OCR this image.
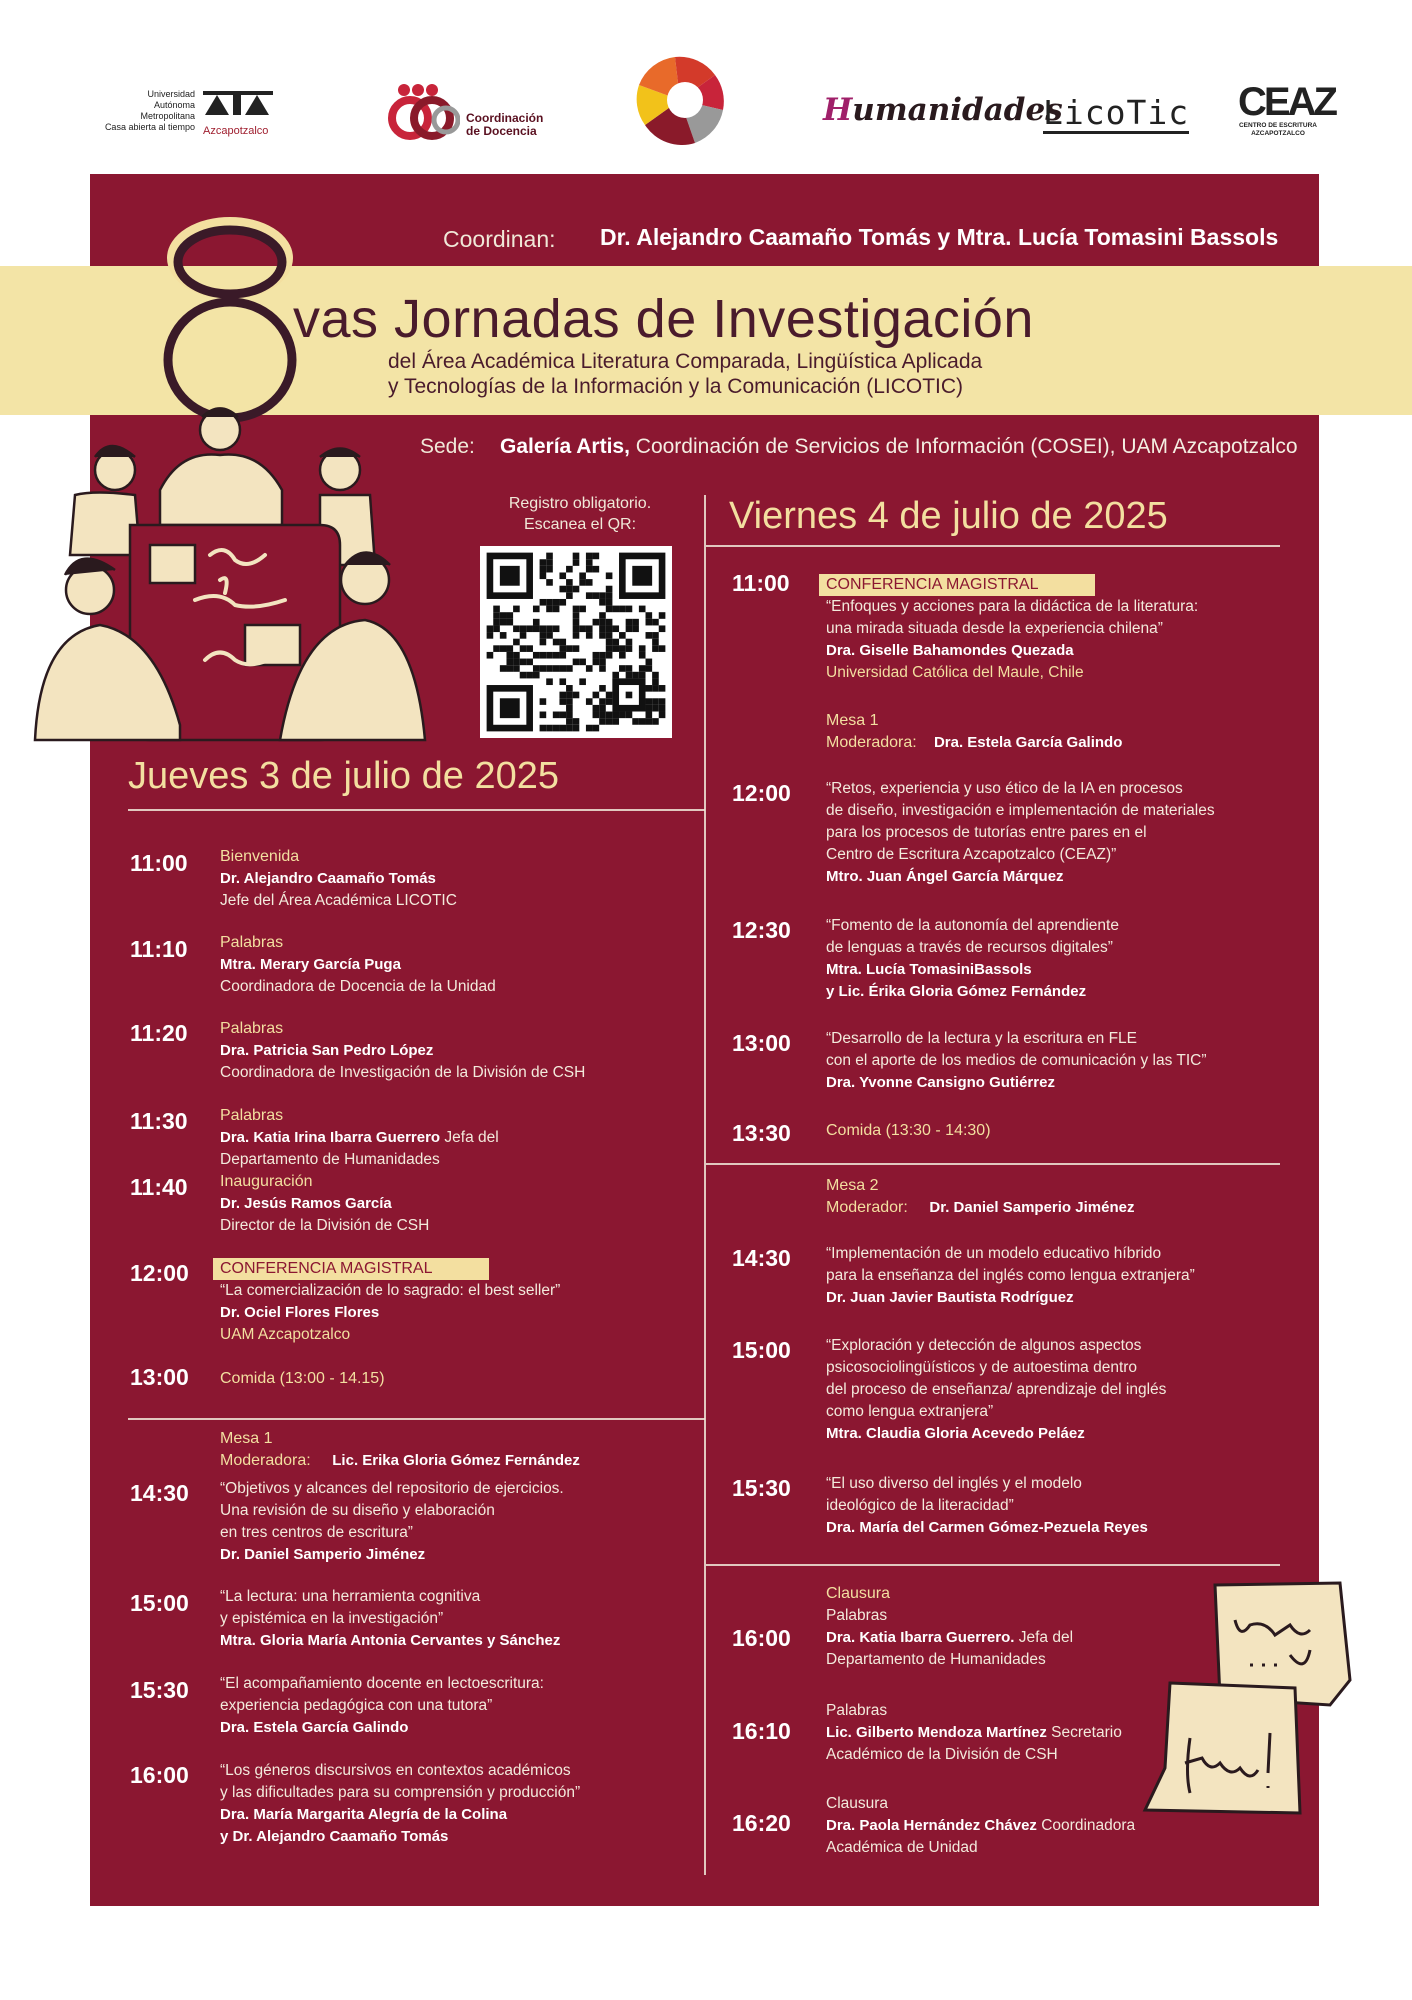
Universidad
Autónoma
Metropolitana
Casa abierta al tiempo Azcapotzalco
Coordinación
de Docencia
Humanidades
LicoTic CEAZ
CENTRO DE ESCRITURA
AZCAPOTZALCO
Coordinan: Dr. Alejandro Caamaño Tomás y Mtra. Lucía Tomasini Bassols
vas Jornadas de Investigación
del Área Académica Literatura Comparada, Lingüística Aplicada
y Tecnologías de la Información y la Comunicación (LICOTIC)
Sede: Galería Artis, Coordinación de Servicios de Información (COSEI), UAM Azcapotzalco
Registro obligatorio.
Escanea el QR:
Jueves 3 de julio de 2025
11:00 Bienvenida
Dr. Alejandro Caamaño Tomás
Jefe del Área Académica LICOTIC
11:10 Palabras
Mtra. Merary García Puga
Coordinadora de Docencia de la Unidad
11:20 Palabras
Dra. Patricia San Pedro López
Coordinadora de Investigación de la División de CSH
11:30 Palabras
Dra. Katia Irina Ibarra Guerrero Jefa del
Departamento de Humanidades
11:40 Inauguración
Dr. Jesús Ramos García
Director de la División de CSH
12:00 CONFERENCIA MAGISTRAL
“La comercialización de lo sagrado: el best seller”
Dr. Ociel Flores Flores
UAM Azcapotzalco
13:00 Comida (13:00 - 14.15)
Mesa 1
Moderadora: Lic. Erika Gloria Gómez Fernández
14:30 “Objetivos y alcances del repositorio de ejercicios.
Una revisión de su diseño y elaboración
en tres centros de escritura”
Dr. Daniel Samperio Jiménez
15:00 “La lectura: una herramienta cognitiva
y epistémica en la investigación”
Mtra. Gloria María Antonia Cervantes y Sánchez
15:30 “El acompañamiento docente en lectoescritura:
experiencia pedagógica con una tutora”
Dra. Estela García Galindo
16:00 “Los géneros discursivos en contextos académicos
y las dificultades para su comprensión y producción”
Dra. María Margarita Alegría de la Colina
y Dr. Alejandro Caamaño Tomás
Viernes 4 de julio de 2025
11:00 CONFERENCIA MAGISTRAL
“Enfoques y acciones para la didáctica de la literatura:
una mirada situada desde la experiencia chilena”
Dra. Giselle Bahamondes Quezada
Universidad Católica del Maule, Chile
Mesa 1
Moderadora: Dra. Estela García Galindo
12:00 “Retos, experiencia y uso ético de la IA en procesos
de diseño, investigación e implementación de materiales
para los procesos de tutorías entre pares en el
Centro de Escritura Azcapotzalco (CEAZ)”
Mtro. Juan Ángel García Márquez
12:30 “Fomento de la autonomía del aprendiente
de lenguas a través de recursos digitales”
Mtra. Lucía TomasiniBassols
y Lic. Érika Gloria Gómez Fernández
13:00 “Desarrollo de la lectura y la escritura en FLE
con el aporte de los medios de comunicación y las TIC”
Dra. Yvonne Cansigno Gutiérrez
13:30 Comida (13:30 - 14:30)
Mesa 2
Moderador: Dr. Daniel Samperio Jiménez
14:30 “Implementación de un modelo educativo híbrido
para la enseñanza del inglés como lengua extranjera”
Dr. Juan Javier Bautista Rodríguez
15:00 “Exploración y detección de algunos aspectos
psicosociolingüísticos y de autoestima dentro
del proceso de enseñanza/ aprendizaje del inglés
como lengua extranjera”
Mtra. Claudia Gloria Acevedo Peláez
15:30 “El uso diverso del inglés y el modelo
ideológico de la literacidad”
Dra. María del Carmen Gómez-Pezuela Reyes
Clausura
16:00
Palabras
Dra. Katia Ibarra Guerrero. Jefa del
Departamento de Humanidades
16:10
Palabras
Lic. Gilberto Mendoza Martínez Secretario
Académico de la División de CSH
16:20
Clausura
Dra. Paola Hernández Chávez Coordinadora
Académica de Unidad
